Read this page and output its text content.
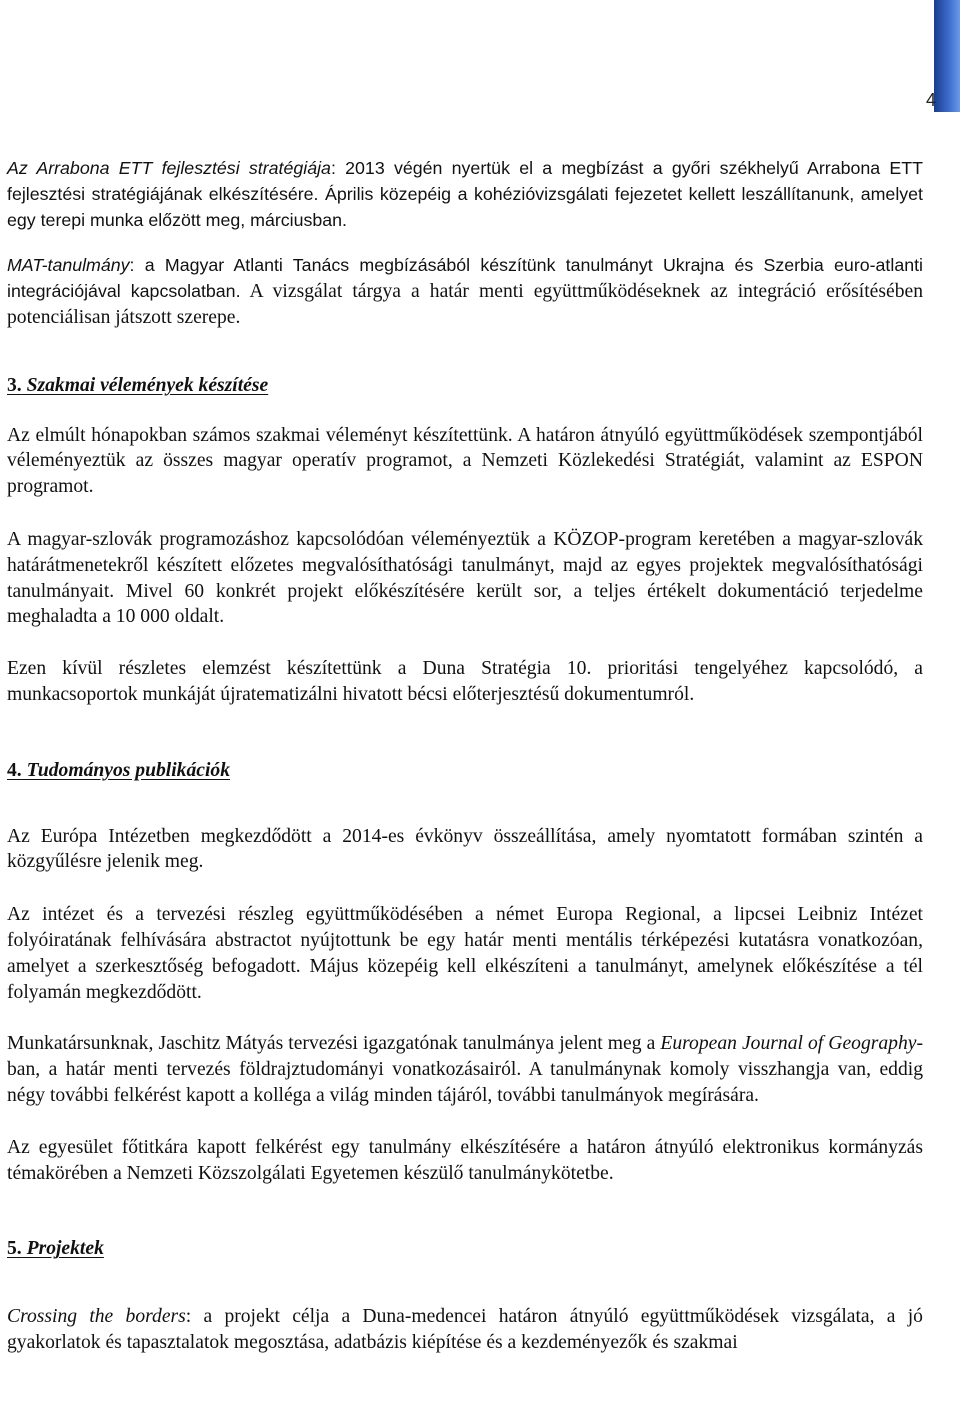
4

Az Arrabona ETT fejlesztési stratégiája: 2013 végén nyertük el a megbízást a győri székhelyű Arrabona ETT fejlesztési stratégiájának elkészítésére. Április közepéig a kohézióvizsgálati fejezetet kellett leszállítanunk, amelyet egy terepi munka előzött meg, márciusban.

MAT-tanulmány: a Magyar Atlanti Tanács megbízásából készítünk tanulmányt Ukrajna és Szerbia euro-atlanti integrációjával kapcsolatban. A vizsgálat tárgya a határ menti együttműködéseknek az integráció erősítésében potenciálisan játszott szerepe.

3. Szakmai vélemények készítése

Az elmúlt hónapokban számos szakmai véleményt készítettünk. A határon átnyúló együttműködések szempontjából véleményeztük az összes magyar operatív programot, a Nemzeti Közlekedési Stratégiát, valamint az ESPON programot.

A magyar-szlovák programozáshoz kapcsolódóan véleményeztük a KÖZOP-program keretében a magyar-szlovák határátmenetekről készített előzetes megvalósíthatósági tanulmányt, majd az egyes projektek megvalósíthatósági tanulmányait. Mivel 60 konkrét projekt előkészítésére került sor, a teljes értékelt dokumentáció terjedelme meghaladta a 10 000 oldalt.

Ezen kívül részletes elemzést készítettünk a Duna Stratégia 10. prioritási tengelyéhez kapcsolódó, a munkacsoportok munkáját újratematizálni hivatott bécsi előterjesztésű dokumentumról.

4. Tudományos publikációk

Az Európa Intézetben megkezdődött a 2014-es évkönyv összeállítása, amely nyomtatott formában szintén a közgyűlésre jelenik meg.

Az intézet és a tervezési részleg együttműködésében a német Europa Regional, a lipcsei Leibniz Intézet folyóiratának felhívására abstractot nyújtottunk be egy határ menti mentális térképezési kutatásra vonatkozóan, amelyet a szerkesztőség befogadott. Május közepéig kell elkészíteni a tanulmányt, amelynek előkészítése a tél folyamán megkezdődött.

Munkatársunknak, Jaschitz Mátyás tervezési igazgatónak tanulmánya jelent meg a European Journal of Geography-ban, a határ menti tervezés földrajztudományi vonatkozásairól. A tanulmánynak komoly visszhangja van, eddig négy további felkérést kapott a kolléga a világ minden tájáról, további tanulmányok megírására.

Az egyesület főtitkára kapott felkérést egy tanulmány elkészítésére a határon átnyúló elektronikus kormányzás témakörében a Nemzeti Közszolgálati Egyetemen készülő tanulmánykötetbe.

5. Projektek

Crossing the borders: a projekt célja a Duna-medencei határon átnyúló együttműködések vizsgálata, a jó gyakorlatok és tapasztalatok megosztása, adatbázis kiépítése és a kezdeményezők és szakmai
